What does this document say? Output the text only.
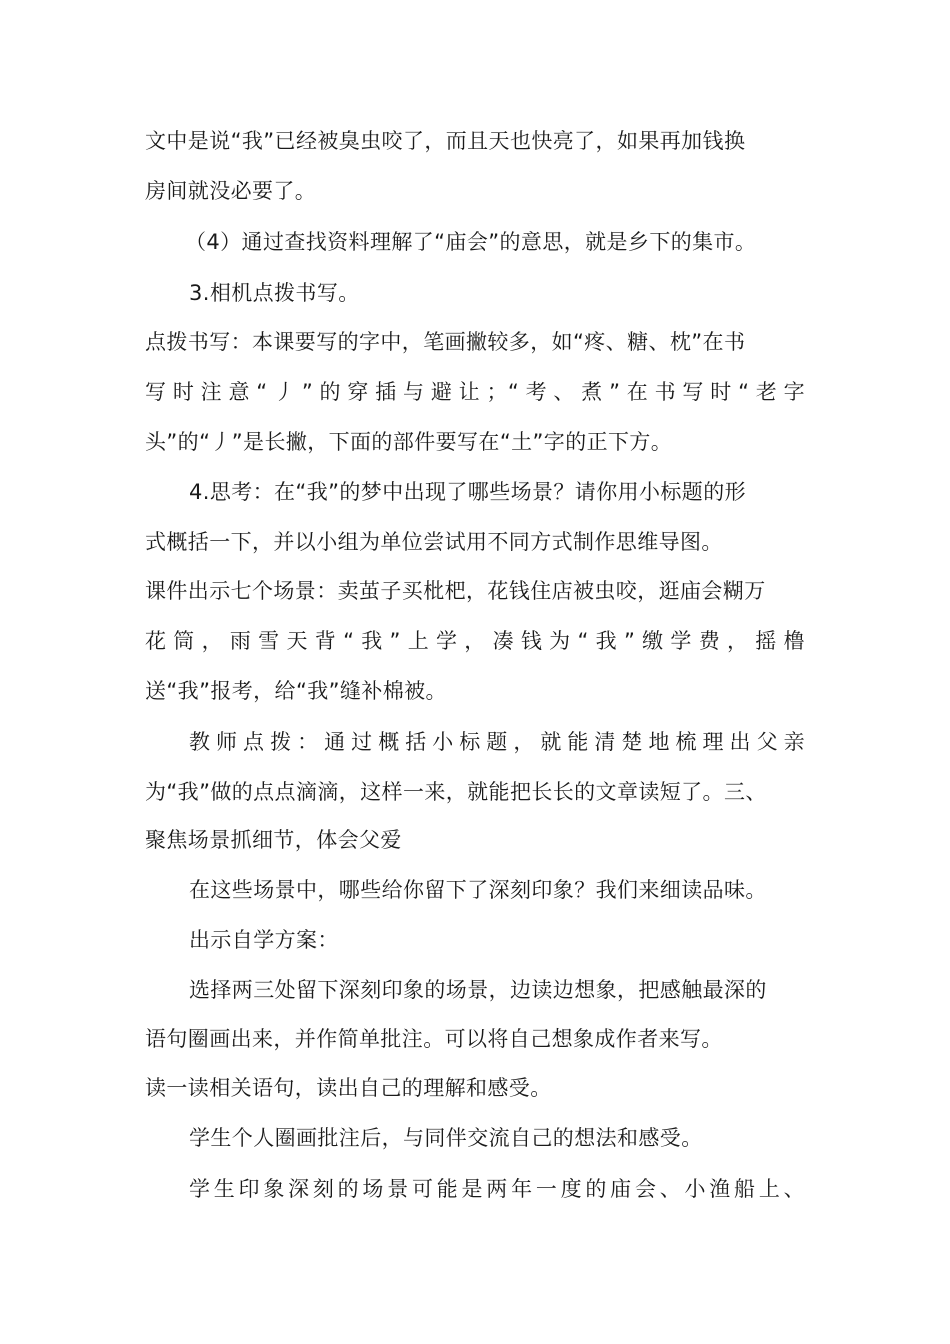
文中是说“我”已经被臭虫咬了，而且天也快亮了，如果再加钱换
房间就没必要了。
（4）通过查找资料理解了“庙会”的意思，就是乡下的集市。
3.相机点拨书写。
点拨书写：本课要写的字中，笔画撇较多，如“疼、糖、枕”在书
写时注意“丿”的穿插与避让；“考、煮”在书写时“老字
头”的“丿”是长撇，下面的部件要写在“土”字的正下方。
4.思考：在“我”的梦中出现了哪些场景？请你用小标题的形
式概括一下，并以小组为单位尝试用不同方式制作思维导图。
课件出示七个场景：卖茧子买枇杷，花钱住店被虫咬，逛庙会糊万
花筒，雨雪天背“我”上学，凑钱为“我”缴学费，摇橹
送“我”报考，给“我”缝补棉被。
教师点拨：通过概括小标题，就能清楚地梳理出父亲
为“我”做的点点滴滴，这样一来，就能把长长的文章读短了。三、
聚焦场景抓细节，体会父爱
在这些场景中，哪些给你留下了深刻印象？我们来细读品味。
出示自学方案：
选择两三处留下深刻印象的场景，边读边想象，把感触最深的
语句圈画出来，并作简单批注。可以将自己想象成作者来写。
读一读相关语句，读出自己的理解和感受。
学生个人圈画批注后，与同伴交流自己的想法和感受。
学生印象深刻的场景可能是两年一度的庙会、小渔船上、
